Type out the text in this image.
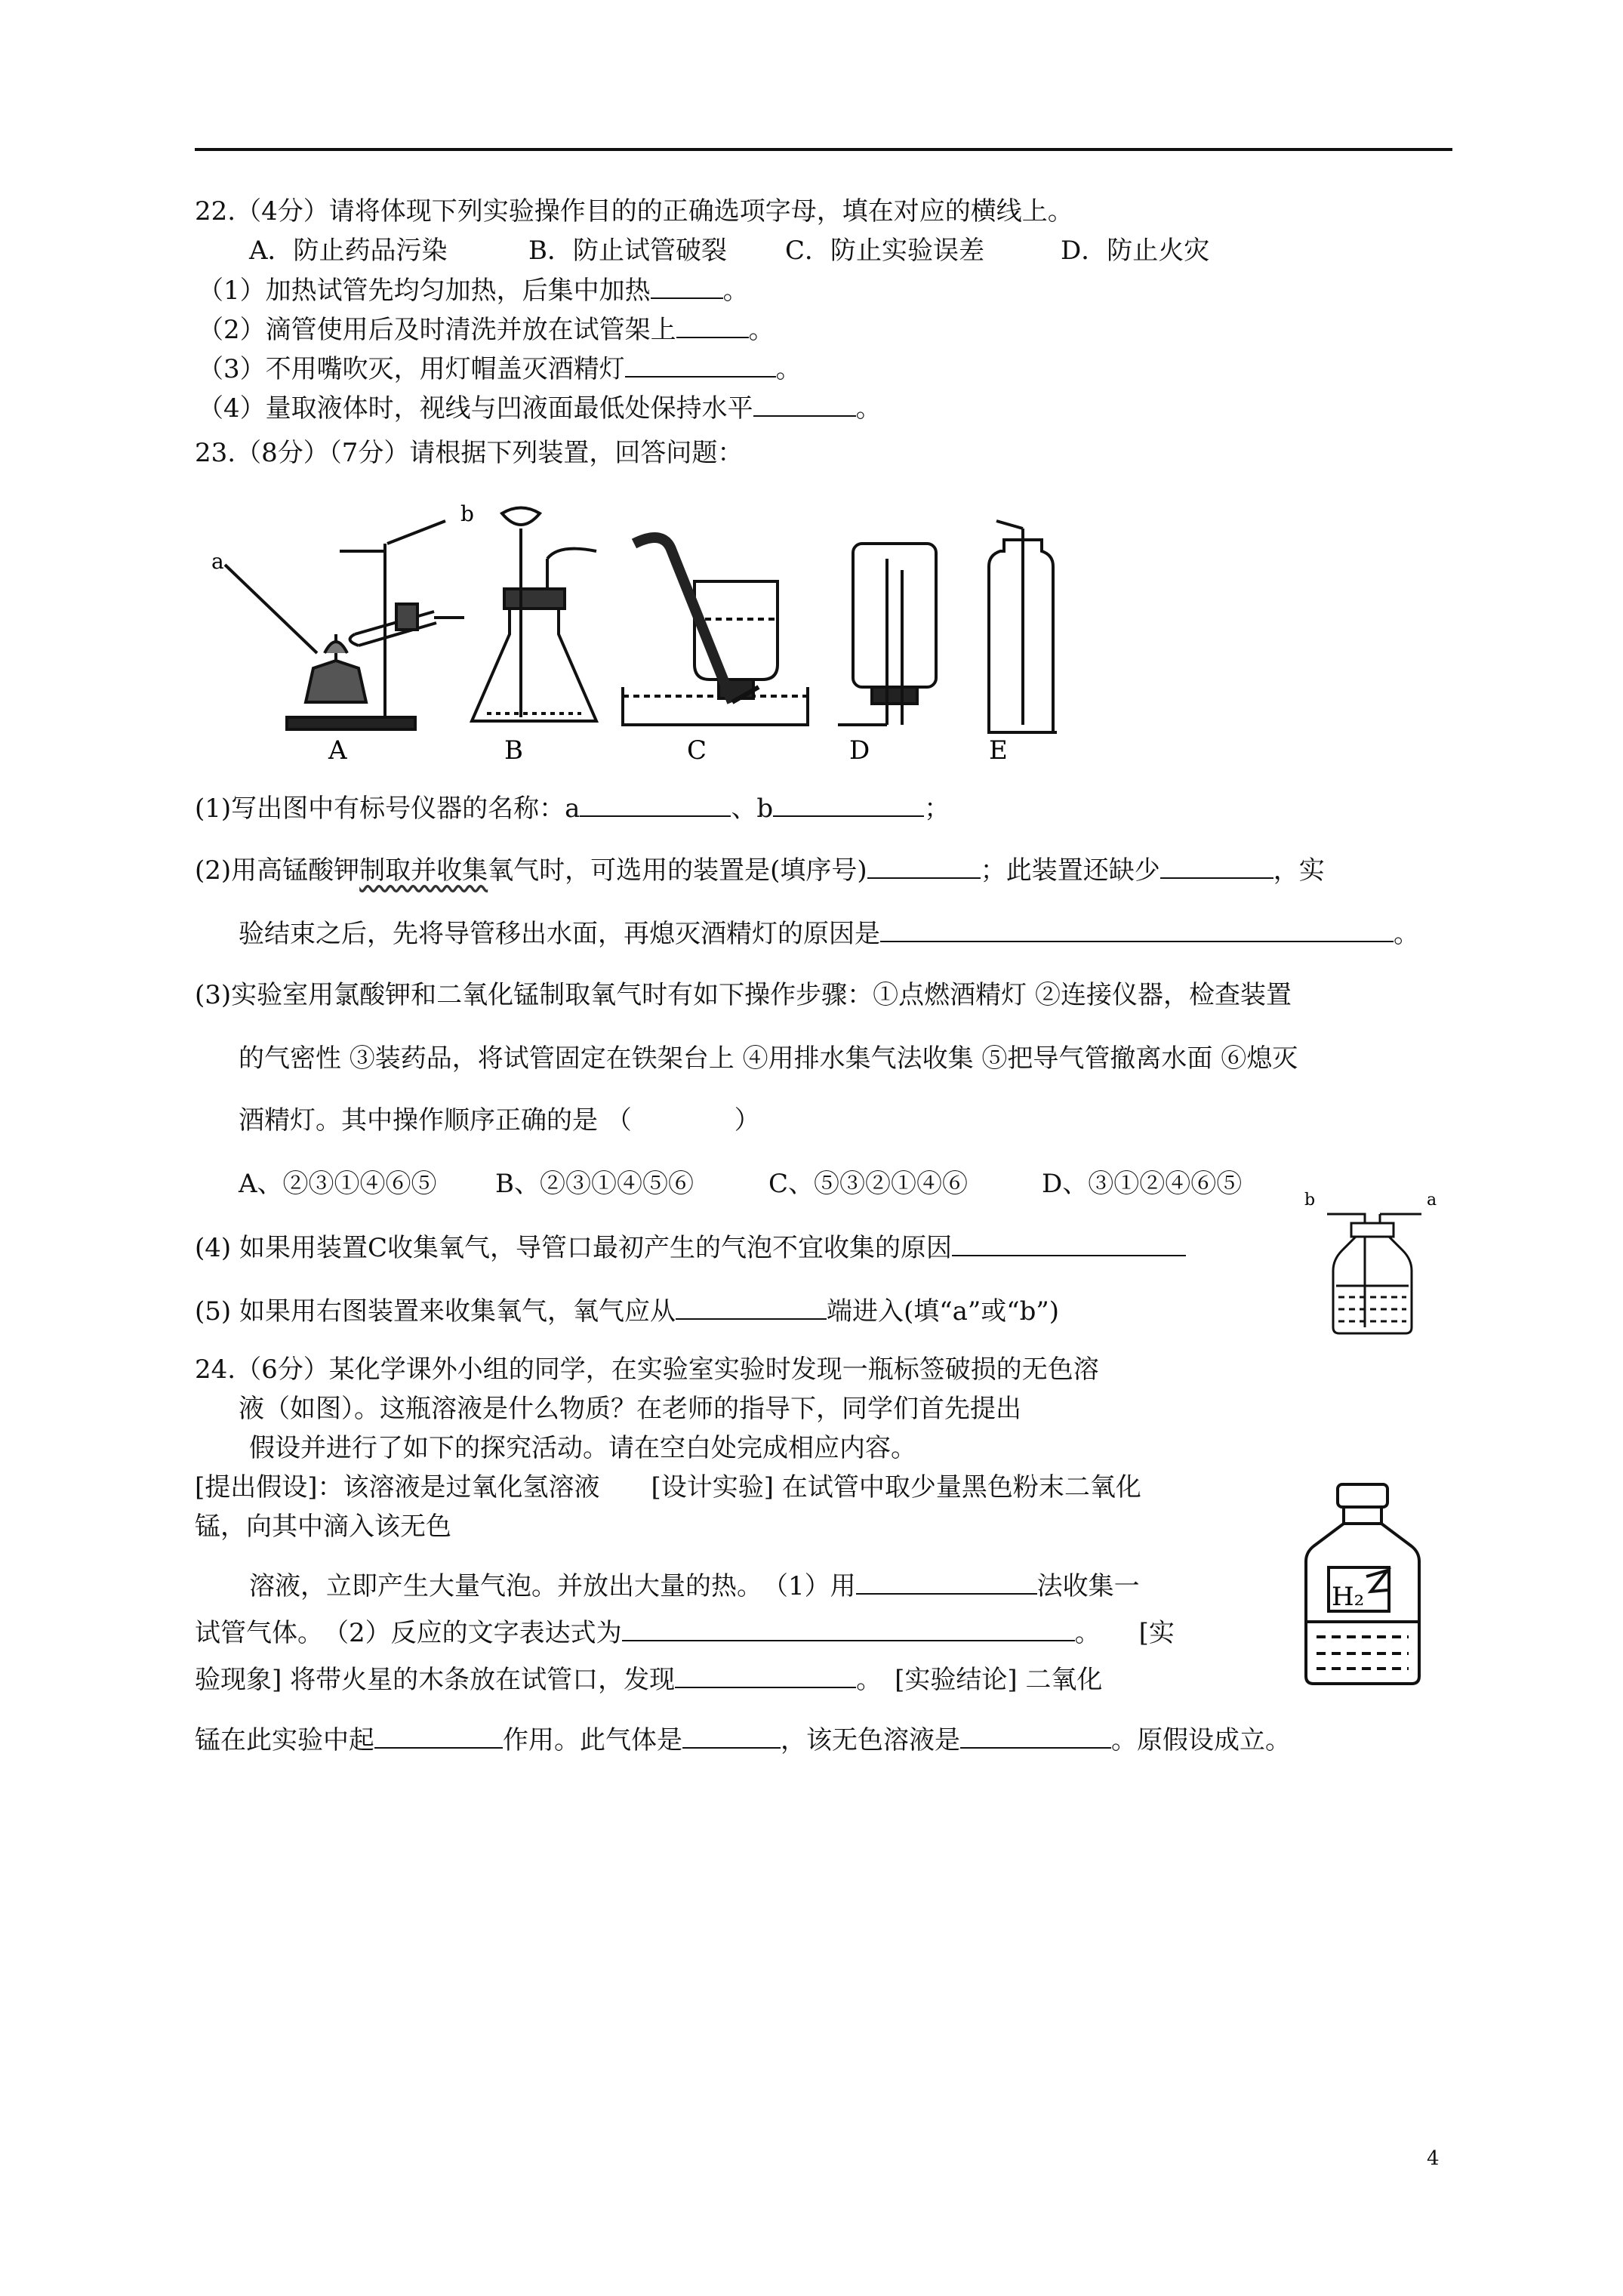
22.（4分）请将体现下列实验操作目的的正确选项字母，填在对应的横线上。
A．防止药品污染	B．防止试管破裂 C．防止实验误差	D．防止火灾
（1）加热试管先均匀加热，后集中加热	。
（2）滴管使用后及时清洗并放在试管架上	。
（3）不用嘴吹灭，用灯帽盖灭酒精灯	。
（4）量取液体时，视线与凹液面最低处保持水平	。
23.（8分）（7分）请根据下列装置，回答问题：
a
b
A	B	C	D	E
(1)写出图中有标号仪器的名称：a	、b	；
(2)用高锰酸钾制取并收集氧气时，可选用的装置是(填序号)	；此装置还缺少	，实
验结束之后，先将导管移出水面，再熄灭酒精灯的原因是	。
(3)实验室用氯酸钾和二氧化锰制取氧气时有如下操作步骤：①点燃酒精灯 ②连接仪器，检查装置
的气密性 ③装药品，将试管固定在铁架台上 ④用排水集气法收集 ⑤把导气管撤离水面 ⑥熄灭
酒精灯。其中操作顺序正确的是 （　　　　）
A、②③①④⑥⑤ B、②③①④⑤⑥	C、⑤③②①④⑥	D、③①②④⑥⑤
(4) 如果用装置C收集氧气，导管口最初产生的气泡不宜收集的原因
(5) 如果用右图装置来收集氧气，氧气应从	端进入(填“a”或“b”)
b	a
24.（6分）某化学课外小组的同学，在实验室实验时发现一瓶标签破损的无色溶
液（如图）。这瓶溶液是什么物质？在老师的指导下，同学们首先提出
假设并进行了如下的探究活动。请在空白处完成相应内容。
[提出假设]：该溶液是过氧化氢溶液　　[设计实验] 在试管中取少量黑色粉末二氧化
锰，向其中滴入该无色
溶液，立即产生大量气泡。并放出大量的热。　（1）用	法收集一
试管气体。　（2）反应的文字表达式为	。　　[实
验现象] 将带火星的木条放在试管口，发现	。　[实验结论] 二氧化
锰在此实验中起	作用。此气体是	，该无色溶液是	。原假设成立。
H₂
4
